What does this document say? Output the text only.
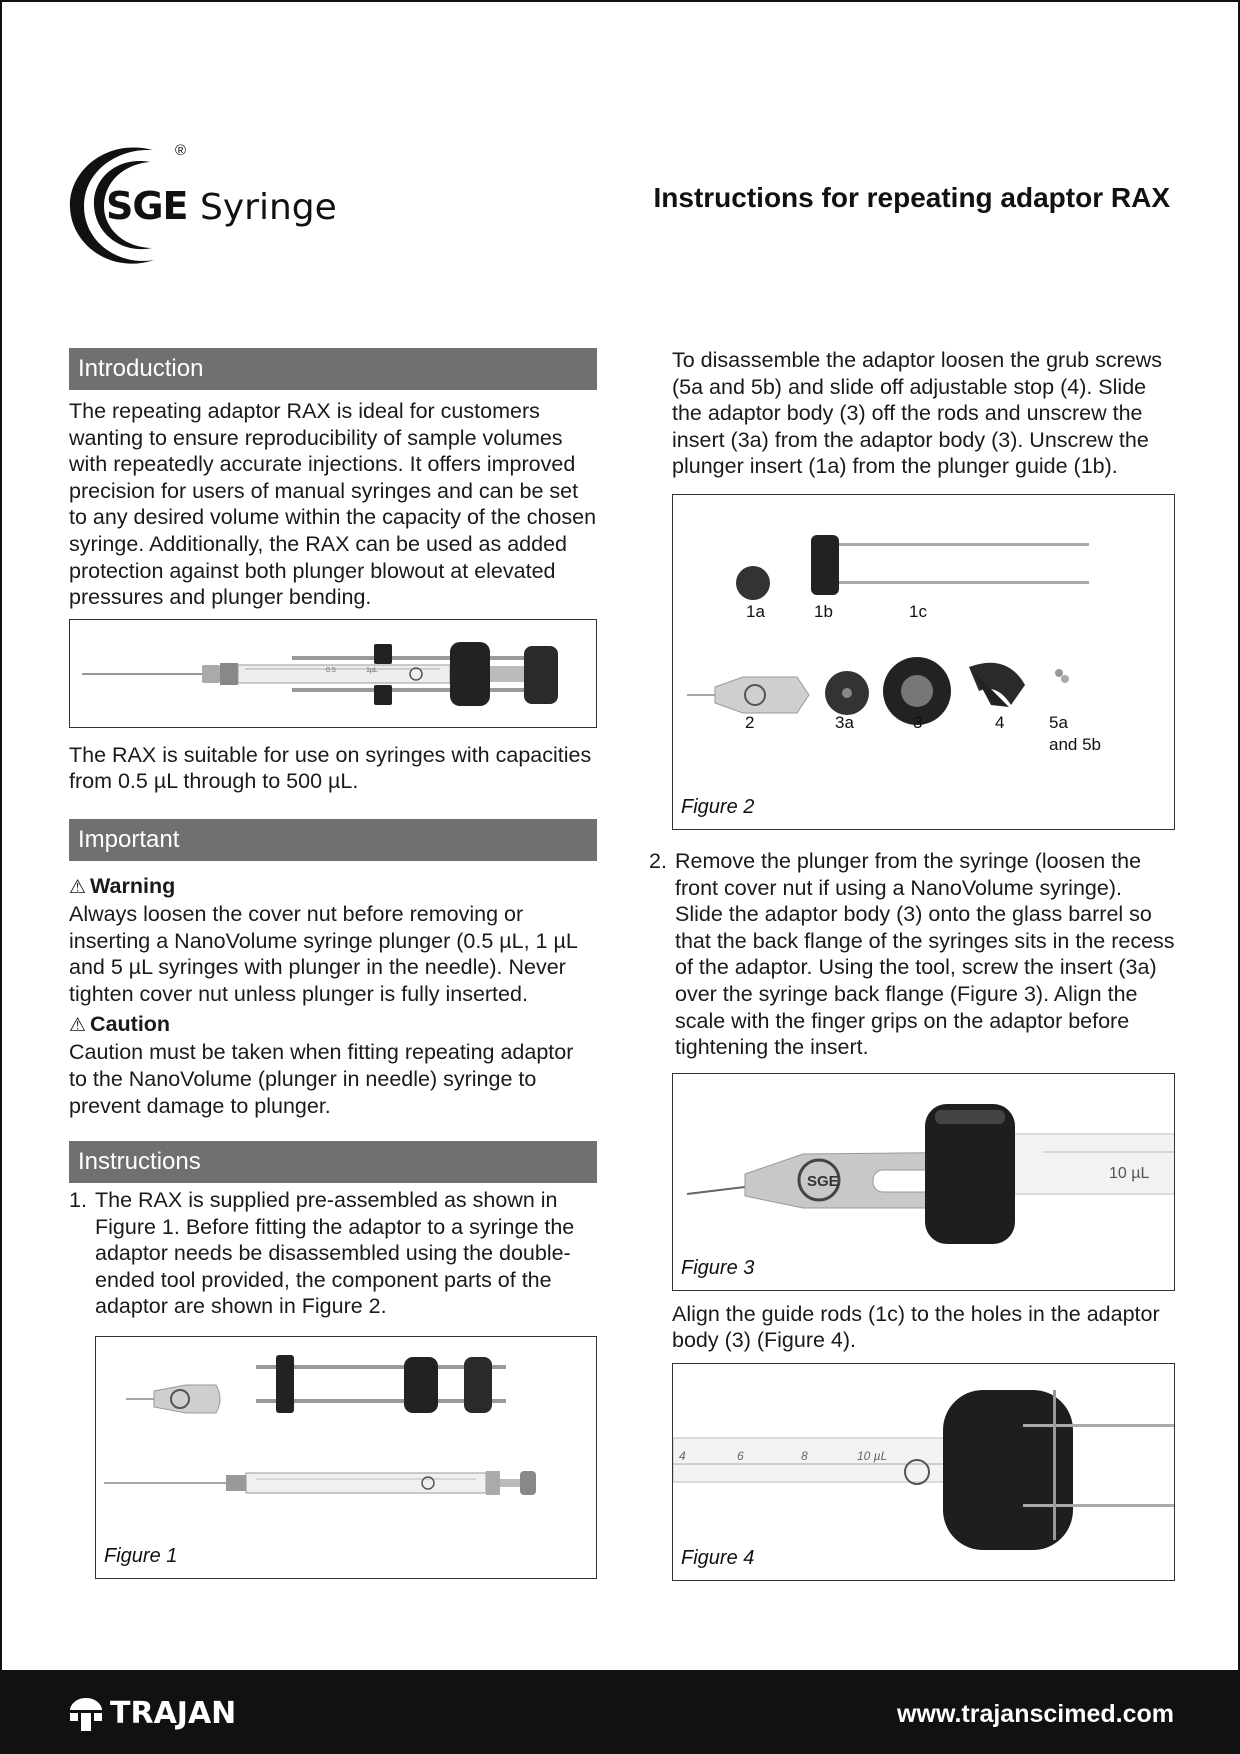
SGE Syringe
®
Instructions for repeating adaptor RAX
Introduction

The repeating adaptor RAX is ideal for customers wanting to ensure reproducibility of sample volumes with repeatedly accurate injections. It offers improved precision for users of manual syringes and can be set to any desired volume within the capacity of the chosen syringe. Additionally, the RAX can be used as added protection against both plunger blowout at elevated pressures and plunger bending.

0.5	1µL

The RAX is suitable for use on syringes with capacities from 0.5 µL through to 500 µL.

Important
⚠ Warning

Always loosen the cover nut before removing or inserting a NanoVolume syringe plunger (0.5 µL, 1 µL and 5 µL syringes with plunger in the needle). Never tighten cover nut unless plunger is fully inserted.

⚠ Caution

Caution must be taken when fitting repeating adaptor to the NanoVolume (plunger in needle) syringe to prevent damage to plunger.

Instructions
1. The RAX is supplied pre-assembled as shown in Figure 1. Before fitting the adaptor to a syringe the adaptor needs be disassembled using the double-ended tool provided, the component parts of the adaptor are shown in Figure 2.
Figure 1

To disassemble the adaptor loosen the grub screws (5a and 5b) and slide off adjustable stop (4). Slide the adaptor body (3) off the rods and unscrew the insert (3a) from the adaptor body (3). Unscrew the plunger insert (1a) from the plunger guide (1b).

1a	1b	1c
2	3a	3	4	5a
and 5b
Figure 2
2. Remove the plunger from the syringe (loosen the front cover nut if using a NanoVolume syringe). Slide the adaptor body (3) onto the glass barrel so that the back flange of the syringes sits in the recess of the adaptor. Using the tool, screw the insert (3a) over the syringe back flange (Figure 3). Align the scale with the finger grips on the adaptor before tightening the insert.
10 µL
SGE
Figure 3

Align the guide rods (1c) to the holes in the adaptor body (3) (Figure 4).

4	6	8	10 µL
Figure 4
TRAJAN	www.trajanscimed.com
